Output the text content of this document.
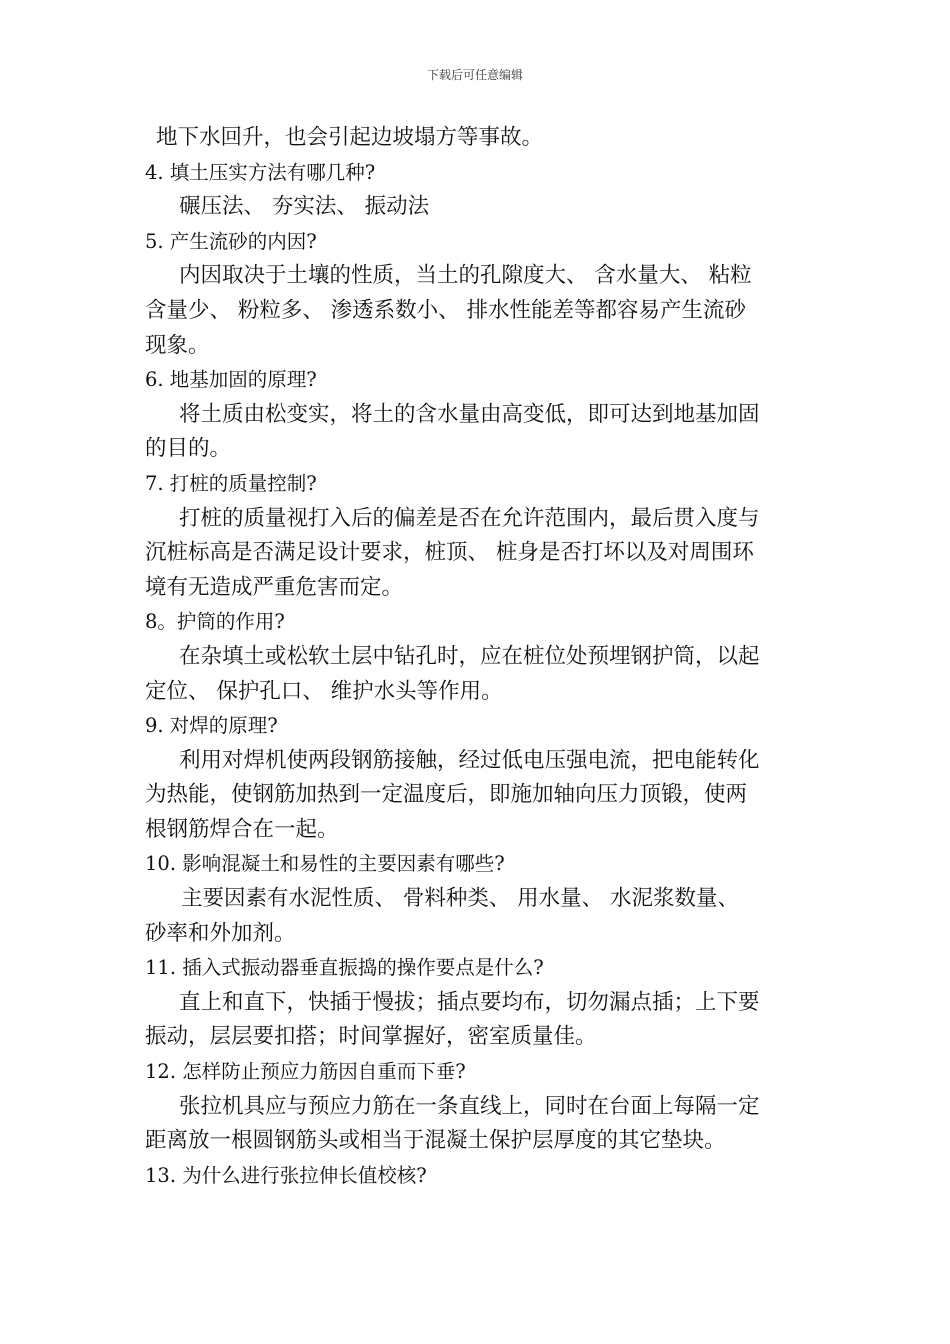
下载后可任意编辑
地下水回升，也会引起边坡塌方等事故。
4. 填土压实方法有哪几种?
碾压法、 夯实法、 振动法
5. 产生流砂的内因?
内因取决于土壤的性质，当土的孔隙度大、 含水量大、 粘粒
含量少、 粉粒多、 渗透系数小、 排水性能差等都容易产生流砂
现象。
6. 地基加固的原理?
将土质由松变实，将土的含水量由高变低，即可达到地基加固
的目的。
7. 打桩的质量控制?
打桩的质量视打入后的偏差是否在允许范围内，最后贯入度与
沉桩标高是否满足设计要求，桩顶、 桩身是否打坏以及对周围环
境有无造成严重危害而定。
8。护筒的作用?
在杂填土或松软土层中钻孔时，应在桩位处预埋钢护筒，以起
定位、 保护孔口、 维护水头等作用。
9. 对焊的原理?
利用对焊机使两段钢筋接触，经过低电压强电流，把电能转化
为热能，使钢筋加热到一定温度后，即施加轴向压力顶锻，使两
根钢筋焊合在一起。
10. 影响混凝土和易性的主要因素有哪些?
主要因素有水泥性质、 骨料种类、 用水量、 水泥浆数量、
砂率和外加剂。
11. 插入式振动器垂直振捣的操作要点是什么?
直上和直下，快插于慢拔；插点要均布，切勿漏点插；上下要
振动，层层要扣搭；时间掌握好，密室质量佳。
12. 怎样防止预应力筋因自重而下垂?
张拉机具应与预应力筋在一条直线上，同时在台面上每隔一定
距离放一根圆钢筋头或相当于混凝土保护层厚度的其它垫块。
13. 为什么进行张拉伸长值校核?
